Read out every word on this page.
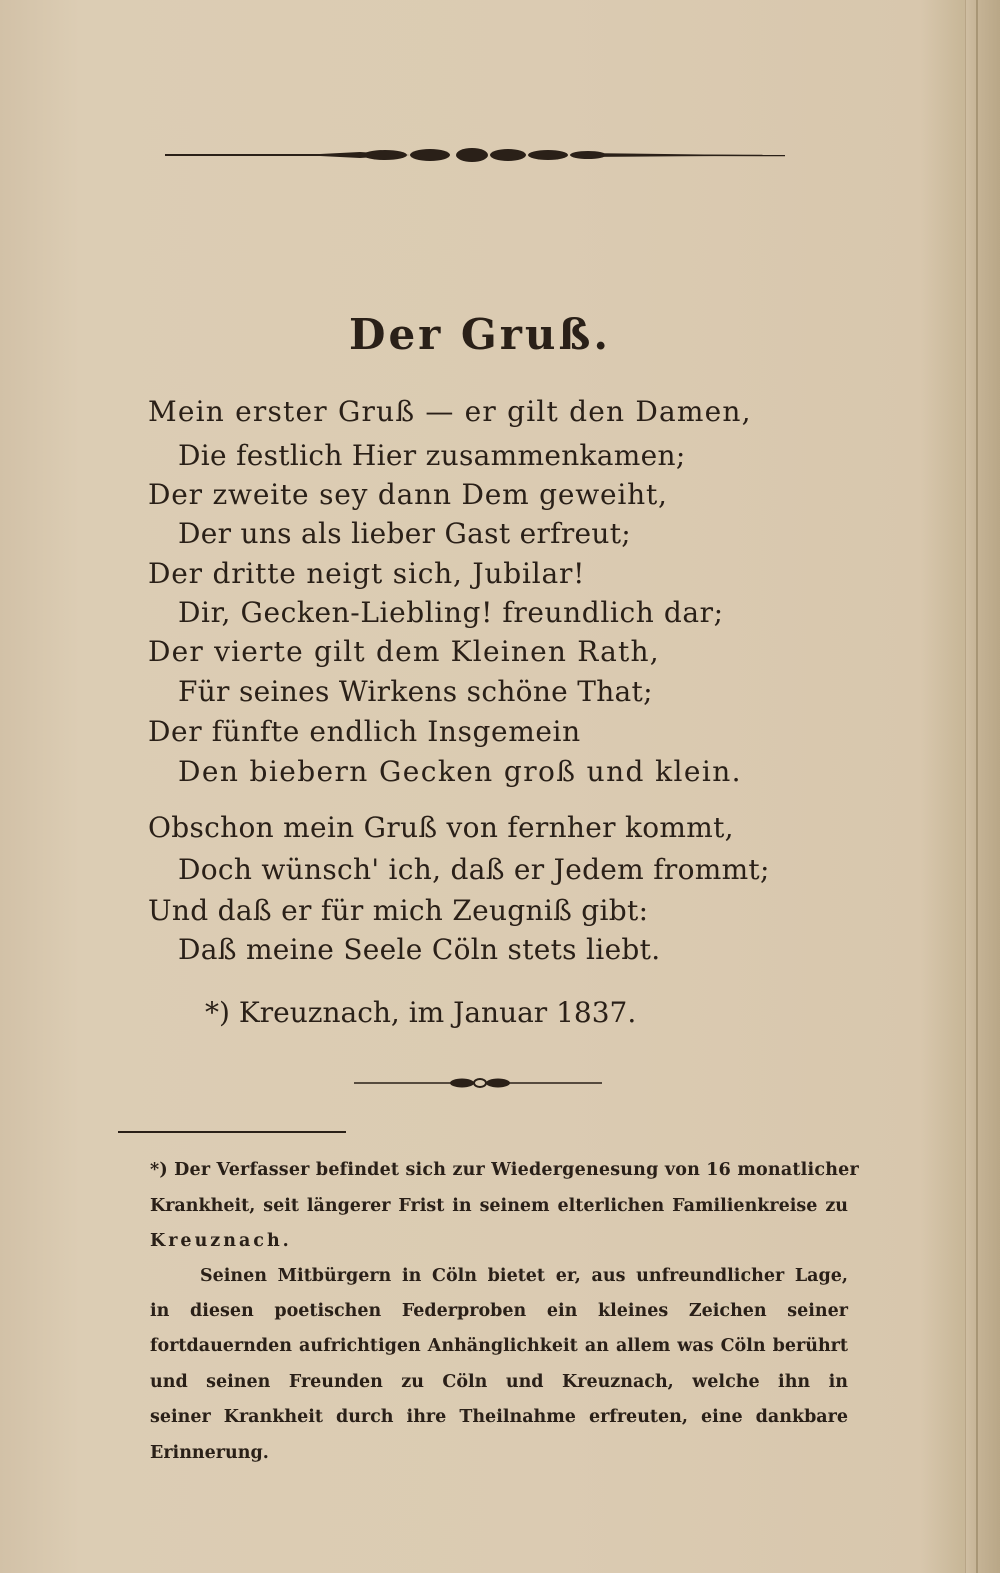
Der Gruß.
Mein erster Gruß — er gilt den Damen,
Die festlich Hier zusammenkamen;
Der zweite sey dann Dem geweiht,
Der uns als lieber Gast erfreut;
Der dritte neigt sich, Jubilar!
Dir, Gecken-Liebling! freundlich dar;
Der vierte gilt dem Kleinen Rath,
Für seines Wirkens schöne That;
Der fünfte endlich Insgemein
Den biebern Gecken groß und klein.
Obschon mein Gruß von fernher kommt,
Doch wünsch' ich, daß er Jedem frommt;
Und daß er für mich Zeugniß gibt:
Daß meine Seele Cöln stets liebt.
*) Kreuznach, im Januar 1837.
*) Der Verfasser befindet sich zur Wiedergenesung von 16 monatlicher
Krankheit, seit längerer Frist in seinem elterlichen Familienkreise zu
Kreuznach.
Seinen Mitbürgern in Cöln bietet er, aus unfreundlicher Lage,
in diesen poetischen Federproben ein kleines Zeichen seiner
fortdauernden aufrichtigen Anhänglichkeit an allem was Cöln berührt
und seinen Freunden zu Cöln und Kreuznach, welche ihn in
seiner Krankheit durch ihre Theilnahme erfreuten, eine dankbare
Erinnerung.
